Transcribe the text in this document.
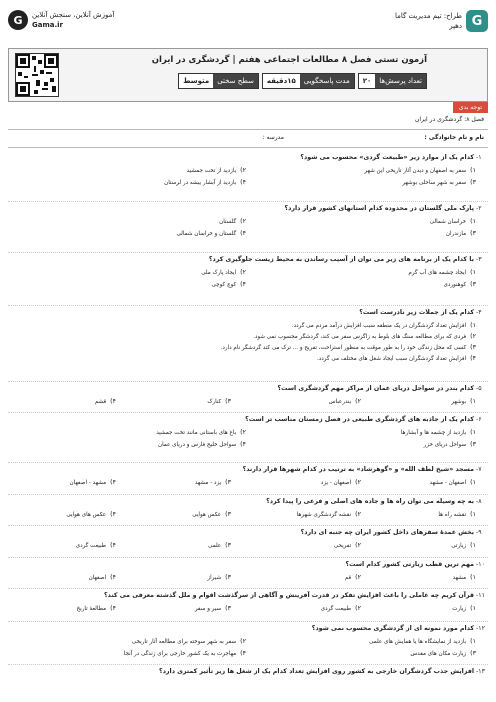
G
طراح: تیم مدیریت گاما
دهپر
G	آموزش آنلاین، سنجش آنلاین
Gama.ir
آزمون تستی فصل ۸ مطالعات اجتماعی هفتم | گردشگری در ایران
تعداد پرسش‌ها
۲۰
مدت پاسخگویی
۱۵دقیقه
سطح سختی
متوسط
توجه بدی
فصل ۸: گردشگری در ایران
نام و نام خانوادگی :
مدرسه :
۱-
کدام یک از موارد زیر «طبیعت گردی» محسوب می شود؟
۱)
سفر به اصفهان و دیدن آثار تاریخی این شهر
۲)
بازدید از تخت جمشید
۳)
سفر به شهر ساحلی بوشهر
۴)
بازدید از آبشار بیشه در لرستان
۲-
پارک ملی گلستان در محدوده کدام استانهای کشور قرار دارد؟
۱)
خراسان شمالی
۲)
گلستان
۳)
مازندران
۴)
گلستان و خراسان شمالی
۳-
با کدام یک از برنامه های زیر می توان از آسیب رساندن به محیط زیست جلوگیری کرد؟
۱)
ایجاد چشمه های آب گرم
۲)
ایجاد پارک ملی
۳)
کوهنوردی
۴)
کوچ کوچی
۴-
کدام یک از جملات زیر نادرست است؟
۱)
افزایش تعداد گردشگران در یک منطقه سبب افزایش درآمد مردم می گردد.
۲)
فردی که برای مطالعه سنگ های بلوط به زاگرس سفر می کند، گردشگر محسوب نمی شود.
۳)
کسی که محل زندگی خود را به طور موقت به منظور استراحت، تفریح و ... ترک می کند گردشگر نام دارد.
۴)
افزایش تعداد گردشگران سبب ایجاد شغل های مختلف می گردد.
۵-
کدام بندر در سواحل دریای عمان از مراکز مهم گردشگری است؟
۱)
بوشهر
۲)
بندرعباس
۳)
کنارک
۴)
قشم
۶-
کدام یک از جاذبه های گردشگری طبیعی در فصل زمستان مناسب تر است؟
۱)
بازدید از چشمه ها و آبشارها
۲)
باغ های باستانی مانند تخت جمشید
۳)
سواحل دریای خزر
۴)
سواحل خلیج فارس و دریای عمان
۷-
مسجد «شیخ لطف الله» و «گوهرشاد» به ترتیب در کدام شهرها قرار دارند؟
۱)
اصفهان - مشهد
۲)
اصفهان - یزد
۳)
یزد - مشهد
۴)
مشهد - اصفهان
۸-
به چه وسیله می توان راه ها و جاده های اصلی و فرعی را پیدا کرد؟
۱)
نقشه راه ها
۲)
نقشه گردشگری شهرها
۳)
عکس هوایی
۴)
عکس های هوایی
۹-
بخش عمدهٔ سفرهای داخل کشور ایران چه جنبه ای دارد؟
۱)
زیارتی
۲)
تفریحی
۳)
علمی
۴)
طبیعت گردی
۱۰-
مهم ترین قطب زیارتی کشور کدام است؟
۱)
مشهد
۲)
قم
۳)
شیراز
۴)
اصفهان
۱۱-
قرآن کریم چه عاملی را باعث افزایش تفکر در قدرت آفرینش و آگاهی از سرگذشت اقوام و ملل گذشته معرفی می کند؟
۱)
زیارت
۲)
طبیعت گردی
۳)
سیر و سفر
۴)
مطالعهٔ تاریخ
۱۲-
کدام مورد نمونه ای از گردشگری محسوب نمی شود؟
۱)
بازدید از نمایشگاه ها یا همایش های علمی
۲)
سفر به شهر سوخته برای مطالعه آثار تاریخی
۳)
زیارت مکان های مقدس
۴)
مهاجرت به یک کشور خارجی برای زندگی در آنجا
۱۳-
افزایش جذب گردشگران خارجی به کشور روی افزایش تعداد کدام یک از شغل ها زیر تأثیر کمتری دارد؟
